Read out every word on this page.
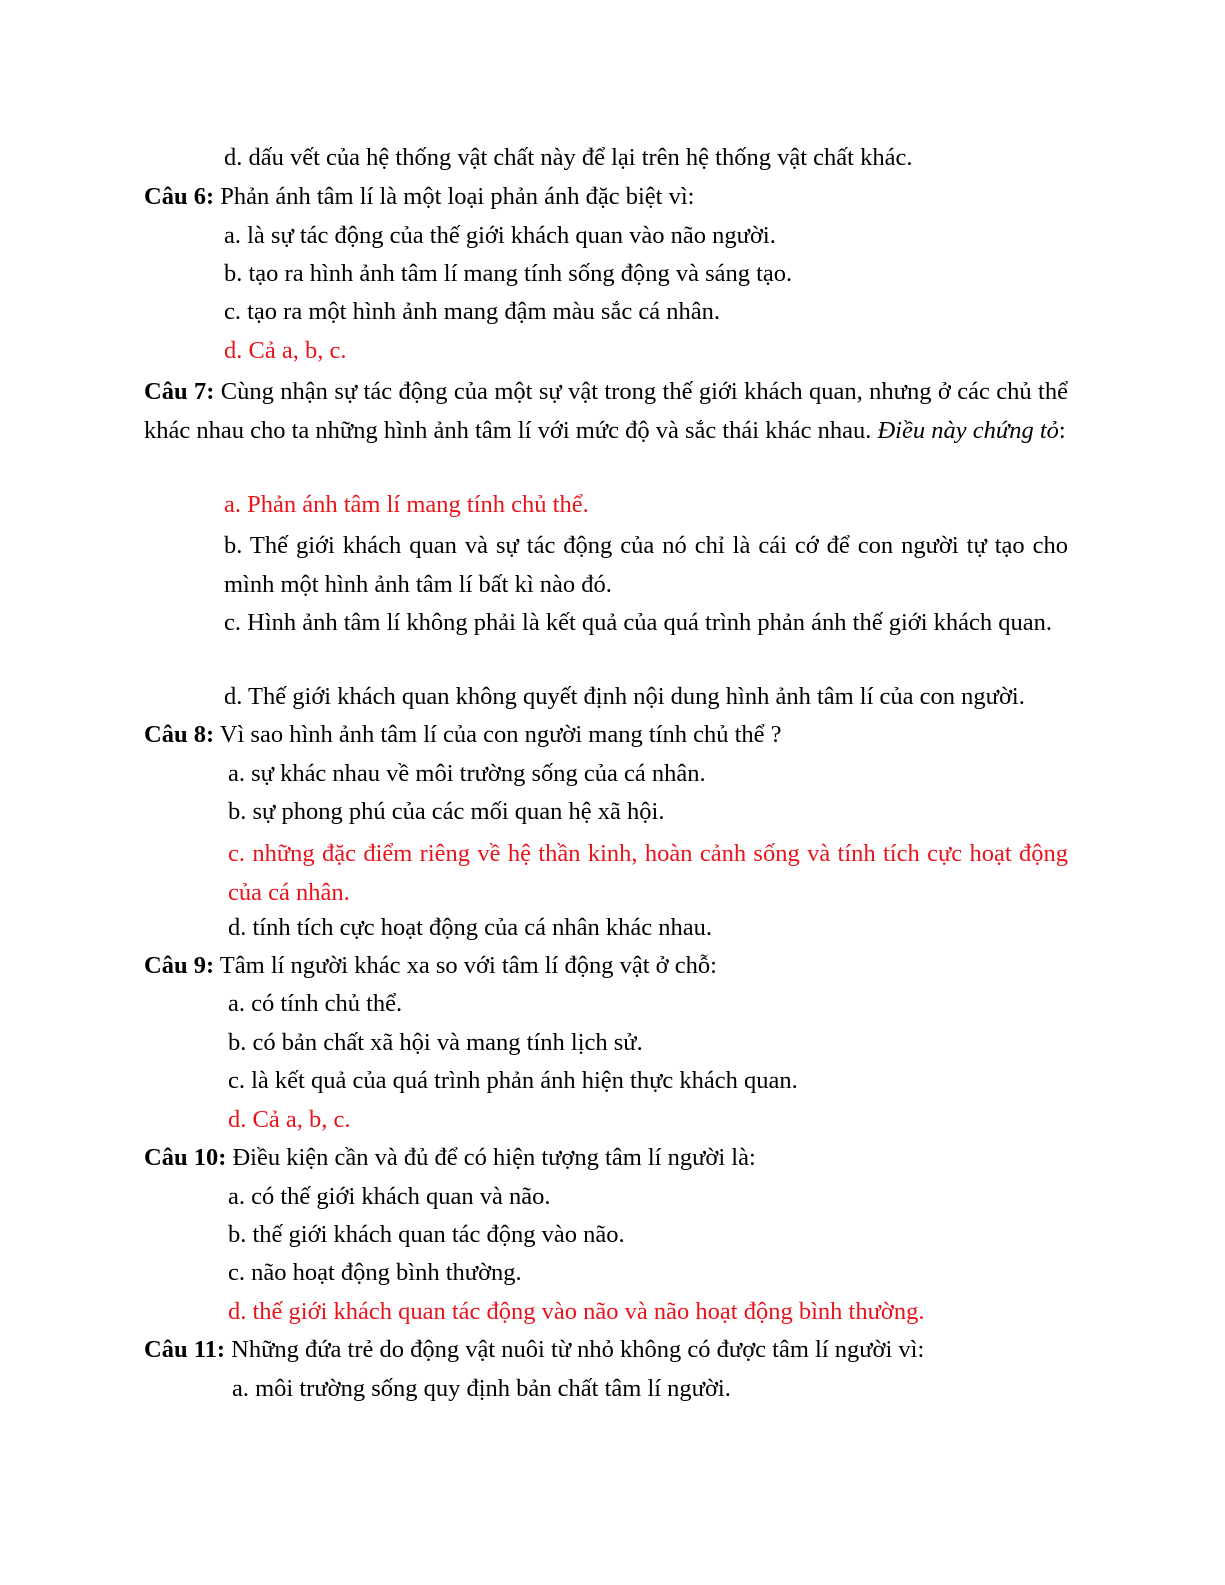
d. dấu vết của hệ thống vật chất này để lại trên hệ thống vật chất khác.
Câu 6: Phản ánh tâm lí là một loại phản ánh đặc biệt vì:
a. là sự tác động của thế giới khách quan vào não người.
b. tạo ra hình ảnh tâm lí mang tính sống động và sáng tạo.
c. tạo ra một hình ảnh mang đậm màu sắc cá nhân.
d. Cả a, b, c.
Câu 7: Cùng nhận sự tác động của một sự vật trong thế giới khách quan, nhưng ở các chủ thể khác nhau cho ta những hình ảnh tâm lí với mức độ và sắc thái khác nhau. Điều này chứng tỏ:
a. Phản ánh tâm lí mang tính chủ thể.
b. Thế giới khách quan và sự tác động của nó chỉ là cái cớ để con người tự tạo cho mình một hình ảnh tâm lí bất kì nào đó.
c. Hình ảnh tâm lí không phải là kết quả của quá trình phản ánh thế giới khách quan.
d. Thế giới khách quan không quyết định nội dung hình ảnh tâm lí của con người.
Câu 8: Vì sao hình ảnh tâm lí của con người mang tính chủ thể ?
a. sự khác nhau về môi trường sống của cá nhân.
b. sự phong phú của các mối quan hệ xã hội.
c. những đặc điểm riêng về hệ thần kinh, hoàn cảnh sống và tính tích cực hoạt động của cá nhân.
d. tính tích cực hoạt động của cá nhân khác nhau.
Câu 9: Tâm lí người khác xa so với tâm lí động vật ở chỗ:
a. có tính chủ thể.
b. có bản chất xã hội và mang tính lịch sử.
c. là kết quả của quá trình phản ánh hiện thực khách quan.
d. Cả a, b, c.
Câu 10: Điều kiện cần và đủ để có hiện tượng tâm lí người là:
a. có thế giới khách quan và não.
b. thế giới khách quan tác động vào não.
c. não hoạt động bình thường.
d. thế giới khách quan tác động vào não và não hoạt động bình thường.
Câu 11: Những đứa trẻ do động vật nuôi từ nhỏ không có được tâm lí người vì:
a. môi trường sống quy định bản chất tâm lí người.
